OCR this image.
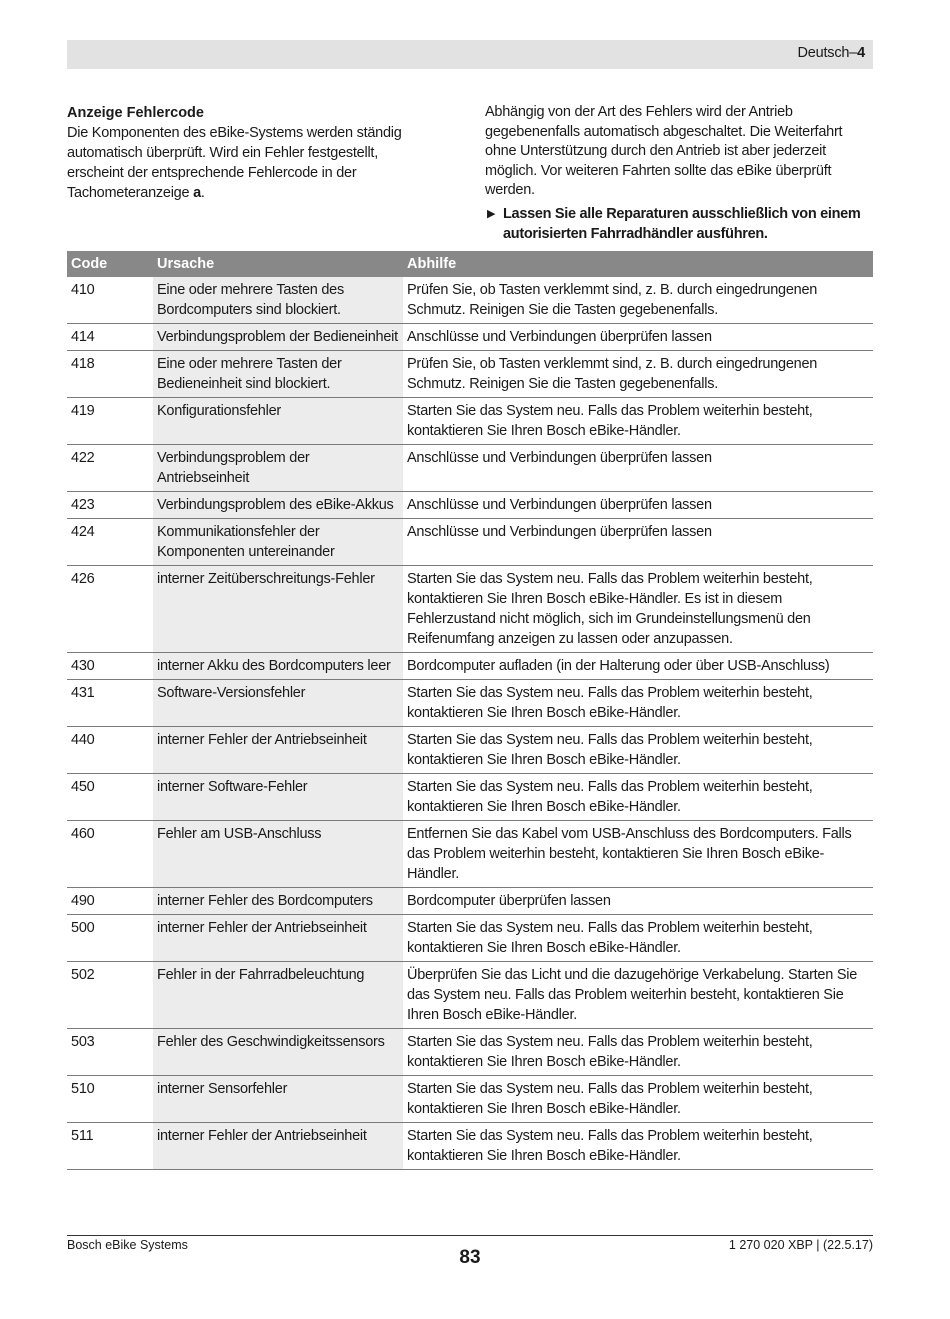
Deutsch–4
Anzeige Fehlercode

Die Komponenten des eBike-Systems werden ständig automatisch überprüft. Wird ein Fehler festgestellt, erscheint der entsprechende Fehlercode in der Tachometeranzeige a.

Abhängig von der Art des Fehlers wird der Antrieb gegebenenfalls automatisch abgeschaltet. Die Weiterfahrt ohne Unterstützung durch den Antrieb ist aber jederzeit möglich. Vor weiteren Fahrten sollte das eBike überprüft werden.

▶ Lassen Sie alle Reparaturen ausschließlich von einem autorisierten Fahrradhändler ausführen.
Code	Ursache	Abhilfe
410	Eine oder mehrere Tasten des Bordcomputers sind blockiert.	Prüfen Sie, ob Tasten verklemmt sind, z. B. durch eingedrungenen Schmutz. Reinigen Sie die Tasten gegebenenfalls.
414	Verbindungsproblem der Bedieneinheit	Anschlüsse und Verbindungen überprüfen lassen
418	Eine oder mehrere Tasten der Bedieneinheit sind blockiert.	Prüfen Sie, ob Tasten verklemmt sind, z. B. durch eingedrungenen Schmutz. Reinigen Sie die Tasten gegebenenfalls.
419	Konfigurationsfehler	Starten Sie das System neu. Falls das Problem weiterhin besteht, kontaktieren Sie Ihren Bosch eBike-Händler.
422	Verbindungsproblem der Antriebseinheit	Anschlüsse und Verbindungen überprüfen lassen
423	Verbindungsproblem des eBike-Akkus	Anschlüsse und Verbindungen überprüfen lassen
424	Kommunikationsfehler der Komponenten untereinander	Anschlüsse und Verbindungen überprüfen lassen
426	interner Zeitüberschreitungs-Fehler	Starten Sie das System neu. Falls das Problem weiterhin besteht, kontaktieren Sie Ihren Bosch eBike-Händler. Es ist in diesem Fehlerzustand nicht möglich, sich im Grundeinstellungsmenü den Reifenumfang anzeigen zu lassen oder anzupassen.
430	interner Akku des Bordcomputers leer	Bordcomputer aufladen (in der Halterung oder über USB-Anschluss)
431	Software-Versionsfehler	Starten Sie das System neu. Falls das Problem weiterhin besteht, kontaktieren Sie Ihren Bosch eBike-Händler.
440	interner Fehler der Antriebseinheit	Starten Sie das System neu. Falls das Problem weiterhin besteht, kontaktieren Sie Ihren Bosch eBike-Händler.
450	interner Software-Fehler	Starten Sie das System neu. Falls das Problem weiterhin besteht, kontaktieren Sie Ihren Bosch eBike-Händler.
460	Fehler am USB-Anschluss	Entfernen Sie das Kabel vom USB-Anschluss des Bordcomputers. Falls das Problem weiterhin besteht, kontaktieren Sie Ihren Bosch eBike-Händler.
490	interner Fehler des Bordcomputers	Bordcomputer überprüfen lassen
500	interner Fehler der Antriebseinheit	Starten Sie das System neu. Falls das Problem weiterhin besteht, kontaktieren Sie Ihren Bosch eBike-Händler.
502	Fehler in der Fahrradbeleuchtung	Überprüfen Sie das Licht und die dazugehörige Verkabelung. Starten Sie das System neu. Falls das Problem weiterhin besteht, kontaktieren Sie Ihren Bosch eBike-Händler.
503	Fehler des Geschwindigkeitssensors	Starten Sie das System neu. Falls das Problem weiterhin besteht, kontaktieren Sie Ihren Bosch eBike-Händler.
510	interner Sensorfehler	Starten Sie das System neu. Falls das Problem weiterhin besteht, kontaktieren Sie Ihren Bosch eBike-Händler.
511	interner Fehler der Antriebseinheit	Starten Sie das System neu. Falls das Problem weiterhin besteht, kontaktieren Sie Ihren Bosch eBike-Händler.
Bosch eBike Systems
83
1 270 020 XBP | (22.5.17)
